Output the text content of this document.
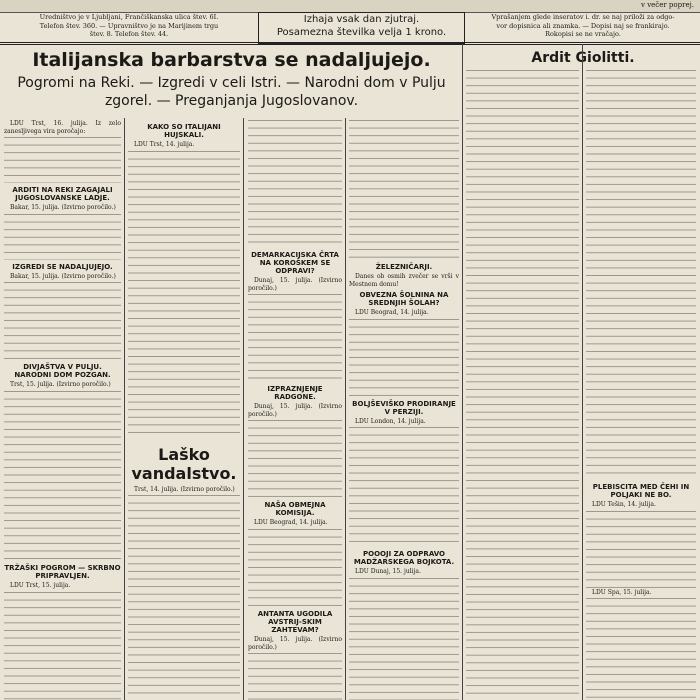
v večer poprej.

Uredništvo je v Ljubljani, Frančiškanska ulica štev. 6I.

Telefon štev. 360. — Upravništvo je na Marijinem trgu

štev. 8. Telefon štev. 44.

Izhaja vsak dan zjutraj.

Posamezna številka velja 1 krono.

Vprašanjem glede inseratov i. dr. se naj priloži za odgo-

vor dopisnica ali znamka. — Dopisi naj se frankirajo.

Rokopisi se ne vračajo.

Italijanska barbarstva se nadaljujejo.

Pogromi na Reki. — Izgredi v celi Istri. — Narodni dom v Pulju zgorel. — Preganjanja Jugoslovanov.

Ardit Giolitti.

LDU Trst, 16. julija. Iz zelo zanesljivega vira poročajo:

ARDITI NA REKI ZAGAJALI JUGOSLOVANSKE LADJE.

Bakar, 15. julija. (Izvirno poročilo.)

IZGREDI SE NADALJUJEJO.

Bakar, 15. julija. (Izvirno poročilo.)

DIVJAŠTVA V PULJU. NARODNI DOM POZGAN.

Trst, 15. julija. (Izvirno poročilo.)

TRŽAŠKI POGROM — SKRBNO PRIPRAVLJEN.

LDU Trst, 15. julija.

KAKO SO ITALIJANI HUJSKALI.

LDU Trst, 14. julija.

Laško vandalstvo.

Trst, 14. julija. (Izvirno poročilo.)

DEMARKACIJSKA ČRTA NA KOROŠKEM SE ODPRAVI?

Dunaj, 15. julija. (Izvirno poročilo.)

IZPRAZNJENJE RADGONE.

Dunaj, 15. julija. (Izvirno poročilo.)

NAŠA OBMEJNA KOMISIJA.

LDU Beograd, 14. julija.

ANTANTA UGODILA AVSTRIJ-SKIM ZAHTEVAM?

Dunaj, 15. julija. (Izvirno poročilo.)

ŽELEZNIČARJI.

Danes ob osmih zvečer se vrši v Mestnem domu!

OBVEZNA ŠOLNINA NA SREDNJIH ŠOLAH?

LDU Beograd, 14. julija.

BOLJŠEVIŠKO PRODIRANJE V PERZIJI.

LDU London, 14. julija.

POOOJI ZA ODPRAVO MADŽARSKEGA BOJKOTA.

LDU Dunaj, 15. julija.

PLEBISCITA MED ČEHI IN POLJAKI NE BO.

LDU Tešin, 14. julija.

LDU Spa, 15. julija.
